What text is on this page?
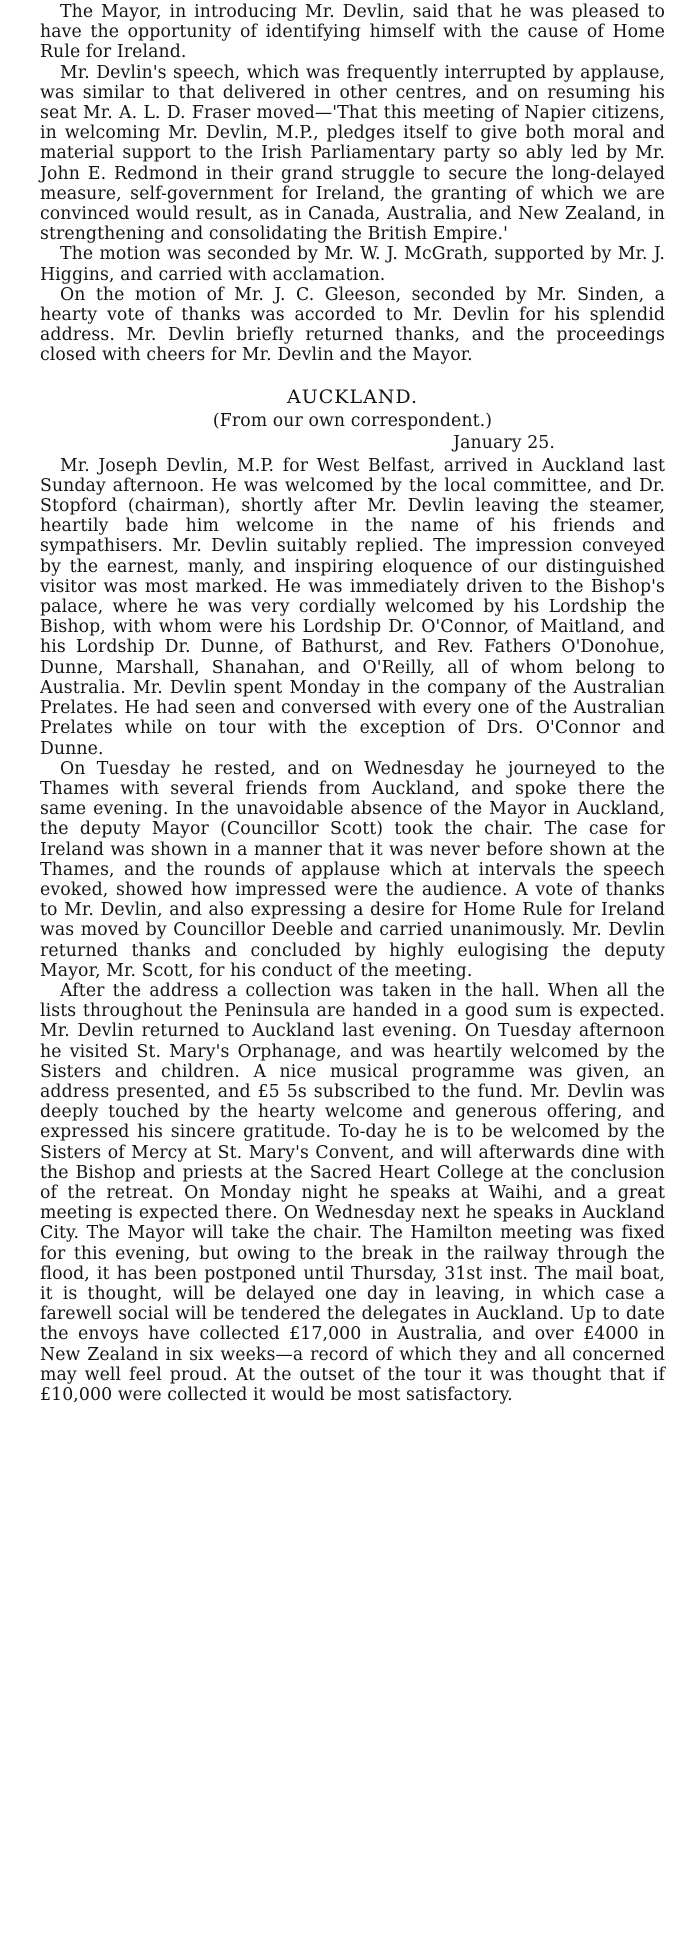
The Mayor, in introducing Mr. Devlin, said that he was pleased to have the opportunity of identifying himself with the cause of Home Rule for Ireland.

Mr. Devlin's speech, which was frequently interrupted by applause, was similar to that delivered in other centres, and on resuming his seat Mr. A. L. D. Fraser moved—'That this meeting of Napier citizens, in welcoming Mr. Devlin, M.P., pledges itself to give both moral and material support to the Irish Parliamentary party so ably led by Mr. John E. Redmond in their grand struggle to secure the long-delayed measure, self-government for Ireland, the granting of which we are convinced would result, as in Canada, Australia, and New Zealand, in strengthening and consolidating the British Empire.'

The motion was seconded by Mr. W. J. McGrath, supported by Mr. J. Higgins, and carried with acclamation.

On the motion of Mr. J. C. Gleeson, seconded by Mr. Sinden, a hearty vote of thanks was accorded to Mr. Devlin for his splendid address. Mr. Devlin briefly returned thanks, and the proceedings closed with cheers for Mr. Devlin and the Mayor.

AUCKLAND.
(From our own correspondent.)
January 25.

Mr. Joseph Devlin, M.P. for West Belfast, arrived in Auckland last Sunday afternoon. He was welcomed by the local committee, and Dr. Stopford (chairman), shortly after Mr. Devlin leaving the steamer, heartily bade him welcome in the name of his friends and sympathisers. Mr. Devlin suitably replied. The impression conveyed by the earnest, manly, and inspiring eloquence of our distinguished visitor was most marked. He was immediately driven to the Bishop's palace, where he was very cordially welcomed by his Lordship the Bishop, with whom were his Lordship Dr. O'Connor, of Maitland, and his Lordship Dr. Dunne, of Bathurst, and Rev. Fathers O'Donohue, Dunne, Marshall, Shanahan, and O'Reilly, all of whom belong to Australia. Mr. Devlin spent Monday in the company of the Australian Prelates. He had seen and conversed with every one of the Australian Prelates while on tour with the exception of Drs. O'Connor and Dunne.

On Tuesday he rested, and on Wednesday he journeyed to the Thames with several friends from Auckland, and spoke there the same evening. In the unavoidable absence of the Mayor in Auckland, the deputy Mayor (Councillor Scott) took the chair. The case for Ireland was shown in a manner that it was never before shown at the Thames, and the rounds of applause which at intervals the speech evoked, showed how impressed were the audience. A vote of thanks to Mr. Devlin, and also expressing a desire for Home Rule for Ireland was moved by Councillor Deeble and carried unanimously. Mr. Devlin returned thanks and concluded by highly eulogising the deputy Mayor, Mr. Scott, for his conduct of the meeting.

After the address a collection was taken in the hall. When all the lists throughout the Peninsula are handed in a good sum is expected. Mr. Devlin returned to Auckland last evening. On Tuesday afternoon he visited St. Mary's Orphanage, and was heartily welcomed by the Sisters and children. A nice musical programme was given, an address presented, and £5 5s subscribed to the fund. Mr. Devlin was deeply touched by the hearty welcome and generous offering, and expressed his sincere gratitude. To-day he is to be welcomed by the Sisters of Mercy at St. Mary's Convent, and will afterwards dine with the Bishop and priests at the Sacred Heart College at the conclusion of the retreat. On Monday night he speaks at Waihi, and a great meeting is expected there. On Wednesday next he speaks in Auckland City. The Mayor will take the chair. The Hamilton meeting was fixed for this evening, but owing to the break in the railway through the flood, it has been postponed until Thursday, 31st inst. The mail boat, it is thought, will be delayed one day in leaving, in which case a farewell social will be tendered the delegates in Auckland. Up to date the envoys have collected £17,000 in Australia, and over £4000 in New Zealand in six weeks—a record of which they and all concerned may well feel proud. At the outset of the tour it was thought that if £10,000 were collected it would be most satisfactory.
